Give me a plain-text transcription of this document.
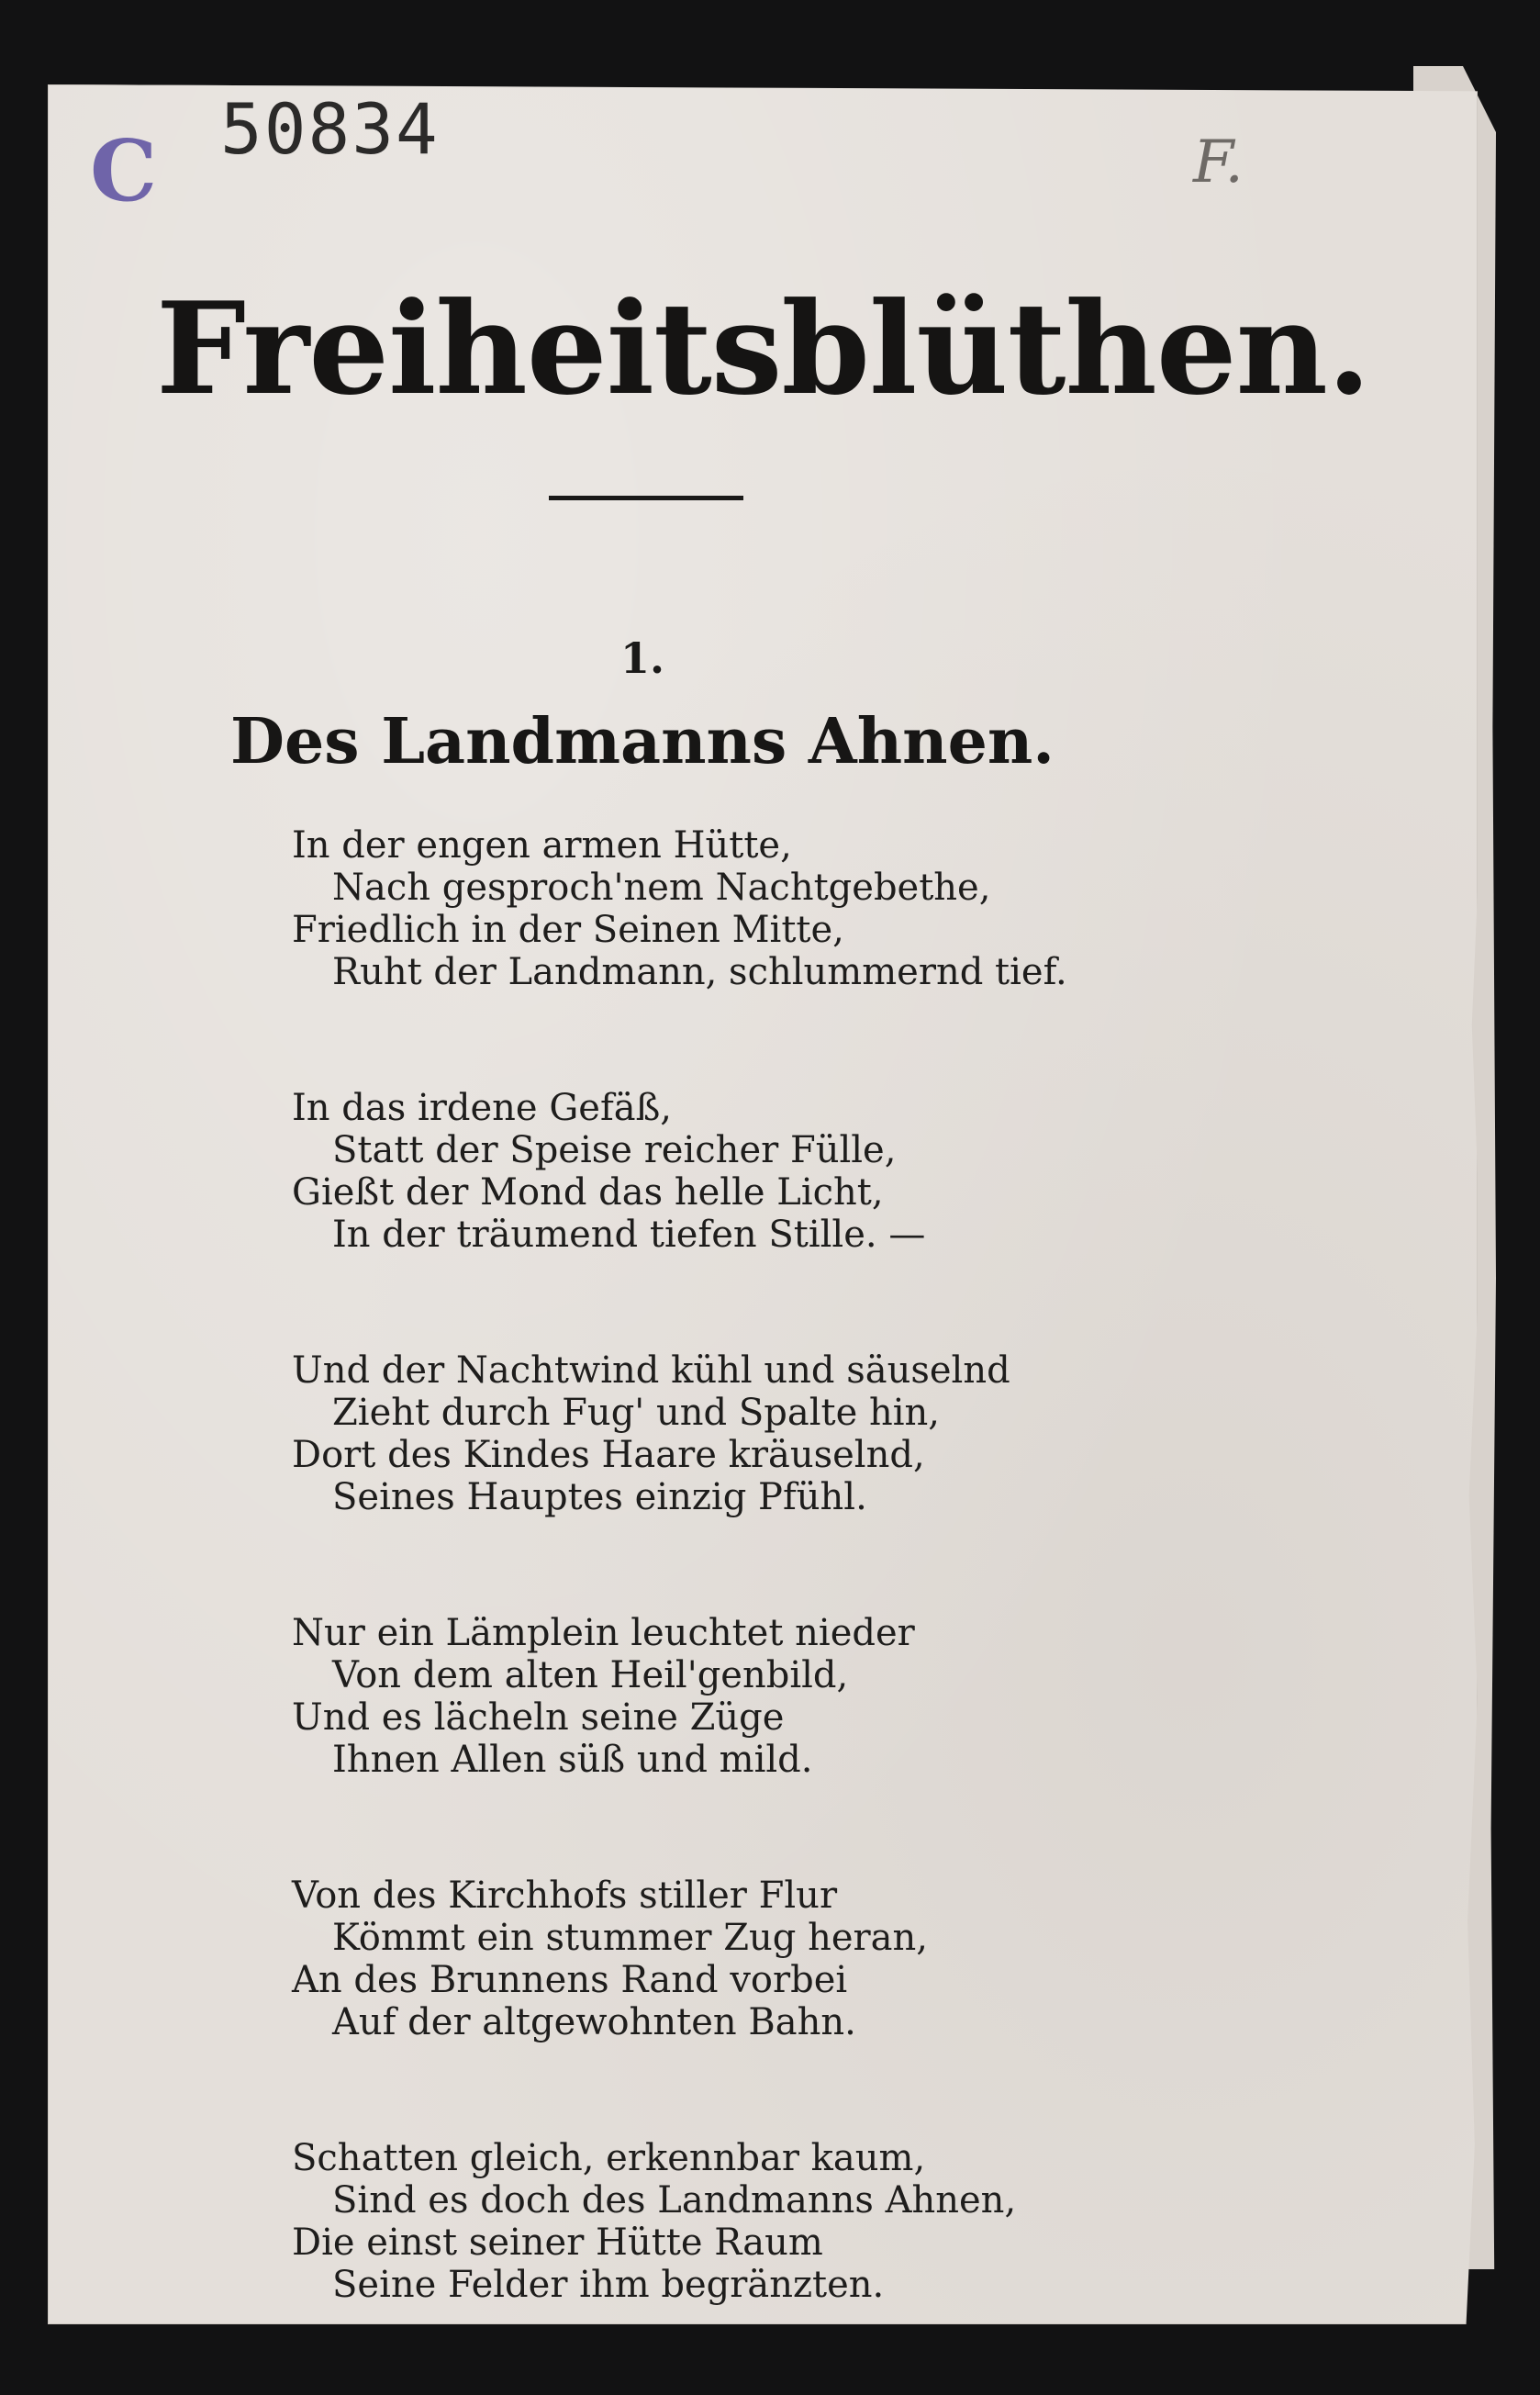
50834
C	F.
Freiheitsblüthen.
1.
Des Landmanns Ahnen.
In der engen armen Hütte,
Nach gesproch'nem Nachtgebethe,
Friedlich in der Seinen Mitte,
Ruht der Landmann, schlummernd tief.
In das irdene Gefäß,
Statt der Speise reicher Fülle,
Gießt der Mond das helle Licht,
In der träumend tiefen Stille. —
Und der Nachtwind kühl und säuselnd
Zieht durch Fug' und Spalte hin,
Dort des Kindes Haare kräuselnd,
Seines Hauptes einzig Pfühl.
Nur ein Lämplein leuchtet nieder
Von dem alten Heil'genbild,
Und es lächeln seine Züge
Ihnen Allen süß und mild.
Von des Kirchhofs stiller Flur
Kömmt ein stummer Zug heran,
An des Brunnens Rand vorbei
Auf der altgewohnten Bahn.
Schatten gleich, erkennbar kaum,
Sind es doch des Landmanns Ahnen,
Die einst seiner Hütte Raum
Seine Felder ihm begränzten.
